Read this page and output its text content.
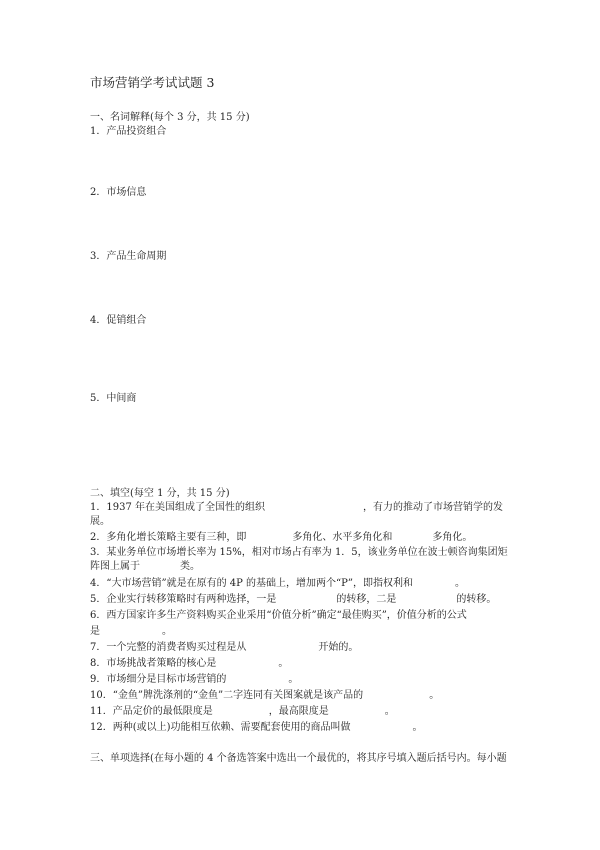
市场营销学考试试题 3

一、名词解释(每个 3 分，共 15 分)

1．产品投资组合

2．市场信息

3．产品生命周期

4．促销组合

5．中间商

二、填空(每空 1 分，共 15 分)

1．1937 年在美国组成了全国性的组织	，有力的推动了市场营销学的发

展。

2．多角化增长策略主要有三种，即	多角化、水平多角化和	多角化。

3．某业务单位市场增长率为 15%，相对市场占有率为 1．5，该业务单位在波士顿咨询集团矩

阵图上属于	类。

4．“大市场营销”就是在原有的 4P 的基础上，增加两个“P”，即指权利和	。

5．企业实行转移策略时有两种选择，一是	的转移，二是	的转移。

6．西方国家许多生产资料购买企业采用“价值分析”确定“最佳购买”，价值分析的公式

是	。

7．一个完整的消费者购买过程是从	开始的。

8．市场挑战者策略的核心是	。

9．市场细分是目标市场营销的	。

10．“金鱼”牌洗涤剂的“金鱼”二字连同有关图案就是该产品的	。

11．产品定价的最低限度是	，最高限度是	。

12．两种(或以上)功能相互依赖、需要配套使用的商品叫做	。

三、单项选择(在每小题的 4 个备选答案中选出一个最优的，将其序号填入题后括号内。每小题
